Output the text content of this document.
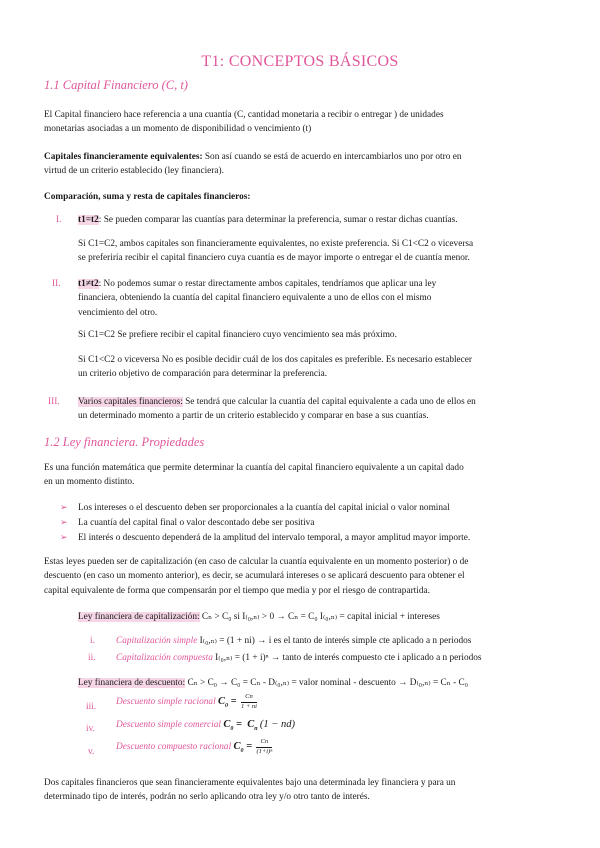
T1: CONCEPTOS BÁSICOS
1.1 Capital Financiero (C, t)

El Capital financiero hace referencia a una cuantía (C, cantidad monetaria a recibir o entregar ) de unidades
monetarias asociadas a un momento de disponibilidad o vencimiento (t)

Capitales financieramente equivalentes: Son así cuando se está de acuerdo en intercambiarlos uno por otro en
virtud de un criterio establecido (ley financiera).

Comparación, suma y resta de capitales financieros:

I. t1=t2: Se pueden comparar las cuantías para determinar la preferencia, sumar o restar dichas cuantías.

Si C1=C2, ambos capitales son financieramente equivalentes, no existe preferencia. Si C1<C2 o viceversa
se preferiría recibir el capital financiero cuya cuantía es de mayor importe o entregar el de cuantía menor.

II. t1≠t2: No podemos sumar o restar directamente ambos capitales, tendríamos que aplicar una ley
financiera, obteniendo la cuantía del capital financiero equivalente a uno de ellos con el mismo
vencimiento del otro.

Si C1=C2 Se prefiere recibir el capital financiero cuyo vencimiento sea más próximo.

Si C1<C2 o viceversa No es posible decidir cuál de los dos capitales es preferible. Es necesario establecer
un criterio objetivo de comparación para determinar la preferencia.

III. Varios capitales financieros: Se tendrá que calcular la cuantía del capital equivalente a cada uno de ellos en
un determinado momento a partir de un criterio establecido y comparar en base a sus cuantías.

1.2 Ley financiera. Propiedades

Es una función matemática que permite determinar la cuantía del capital financiero equivalente a un capital dado
en un momento distinto.

➢ Los intereses o el descuento deben ser proporcionales a la cuantía del capital inicial o valor nominal

➢ La cuantía del capital final o valor descontado debe ser positiva

➢ El interés o descuento dependerá de la amplitud del intervalo temporal, a mayor amplitud mayor importe.

Estas leyes pueden ser de capitalización (en caso de calcular la cuantía equivalente en un momento posterior) o de
descuento (en caso un momento anterior), es decir, se acumulará intereses o se aplicará descuento para obtener el
capital equivalente de forma que compensarán por el tiempo que media y por el riesgo de contrapartida.

Ley financiera de capitalización: Cₙ > C₀ si I₍₀,ₙ₎ > 0 → Cₙ = C₀ I₍₀,ₙ₎ = capital inicial + intereses

i. Capitalización simple I₍₀,ₙ₎ = (1 + ni) → i es el tanto de interés simple cte aplicado a n periodos

ii. Capitalización compuesta I₍₀,ₙ₎ = (1 + i)ⁿ → tanto de interés compuesto cte i aplicado a n periodos

Ley financiera de descuento: Cₙ > C₀ → C₀ = Cₙ - D₍₀,ₙ₎ = valor nominal - descuento → D₍₀,ₙ₎ = Cₙ - C₀

iii. Descuento simple racional $C_0 = \frac{Cn}{1 + ni}$

iv. Descuento simple comercial $C_0 = C_n$ (1 − nd)

v. Descuento compuesto racional $C_0 = \frac{Cn}{\text{(1+i)ⁿ}}$

Dos capitales financieros que sean financieramente equivalentes bajo una determinada ley financiera y para un
determinado tipo de interés, podrán no serlo aplicando otra ley y/o otro tanto de interés.
